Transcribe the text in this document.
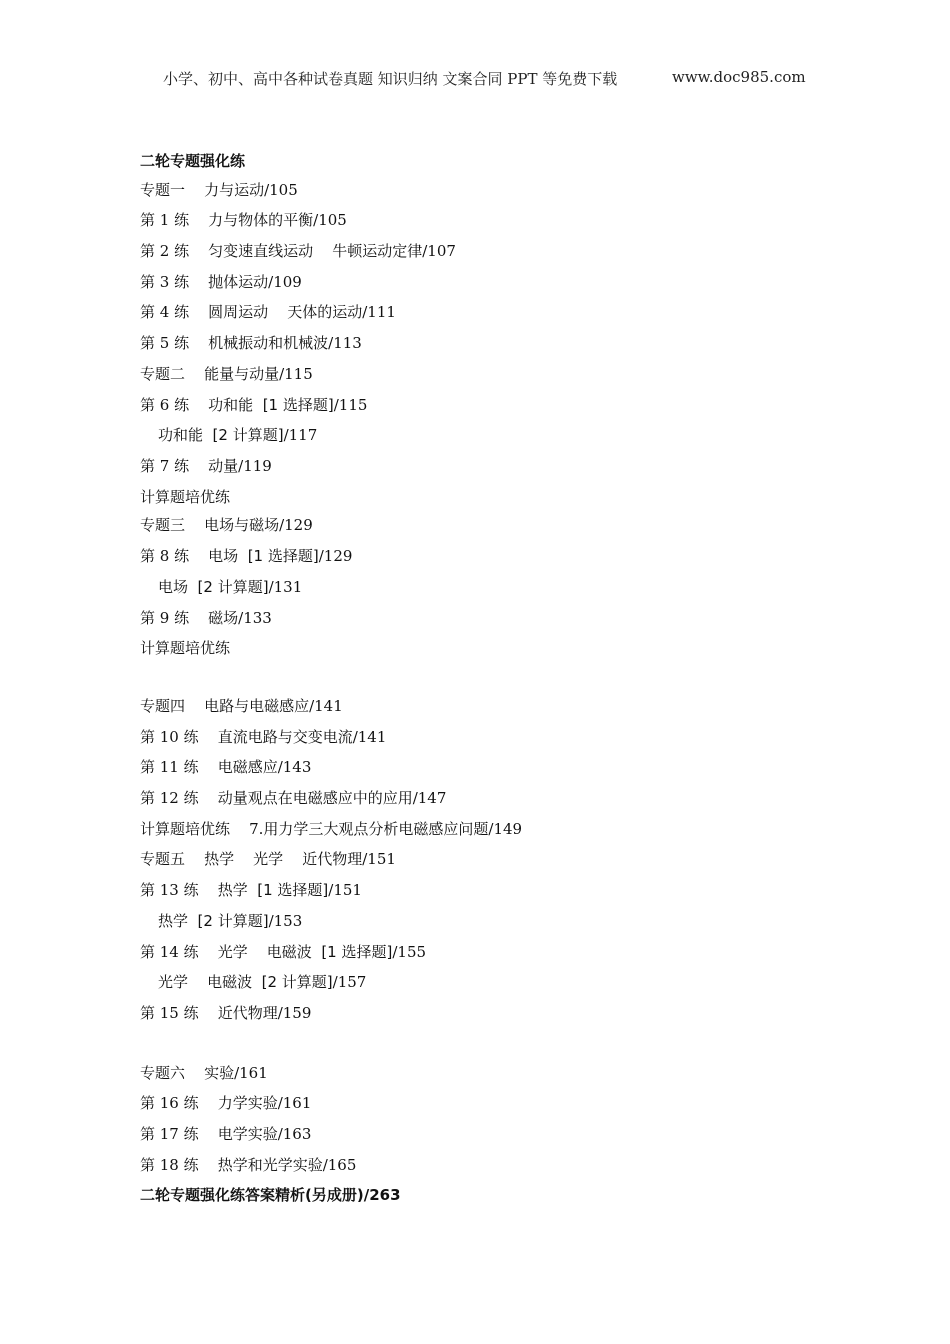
小学、初中、高中各种试卷真题 知识归纳 文案合同 PPT 等免费下载	www.doc985.com
二轮专题强化练
专题一    力与运动/105
第 1 练    力与物体的平衡/105
第 2 练    匀变速直线运动    牛顿运动定律/107
第 3 练    抛体运动/109
第 4 练    圆周运动    天体的运动/111
第 5 练    机械振动和机械波/113
专题二    能量与动量/115
第 6 练    功和能  [1 选择题]/115
功和能  [2 计算题]/117
第 7 练    动量/119
计算题培优练
专题三    电场与磁场/129
第 8 练    电场  [1 选择题]/129
电场  [2 计算题]/131
第 9 练    磁场/133
计算题培优练
专题四    电路与电磁感应/141
第 10 练    直流电路与交变电流/141
第 11 练    电磁感应/143
第 12 练    动量观点在电磁感应中的应用/147
计算题培优练    7.用力学三大观点分析电磁感应问题/149
专题五    热学    光学    近代物理/151
第 13 练    热学  [1 选择题]/151
热学  [2 计算题]/153
第 14 练    光学    电磁波  [1 选择题]/155
光学    电磁波  [2 计算题]/157
第 15 练    近代物理/159
专题六    实验/161
第 16 练    力学实验/161
第 17 练    电学实验/163
第 18 练    热学和光学实验/165
二轮专题强化练答案精析(另成册)/263
